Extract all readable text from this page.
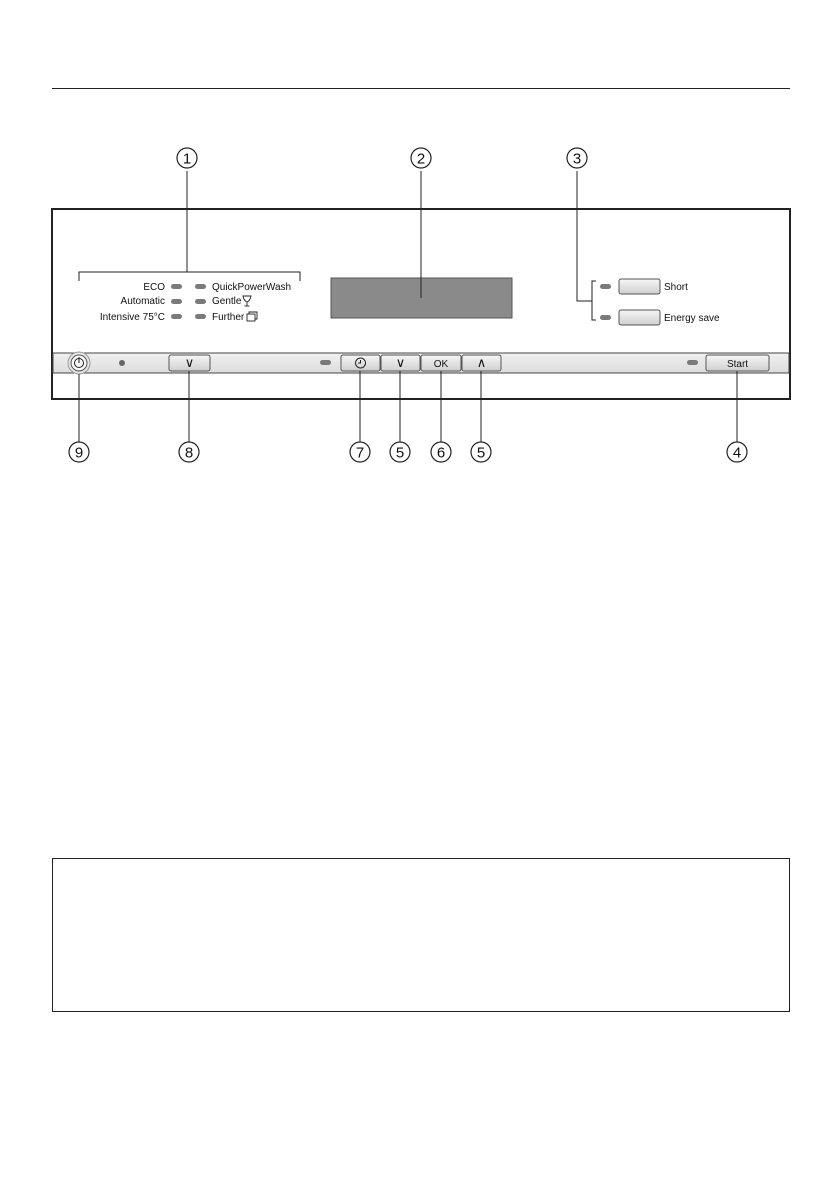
ECO
Automatic
Intensive 75°C
QuickPowerWash
Gentle
Further
Short
Energy save
∨	∨	OK ∧	Start
1	2	3
9	8	7 5 6 5	4
